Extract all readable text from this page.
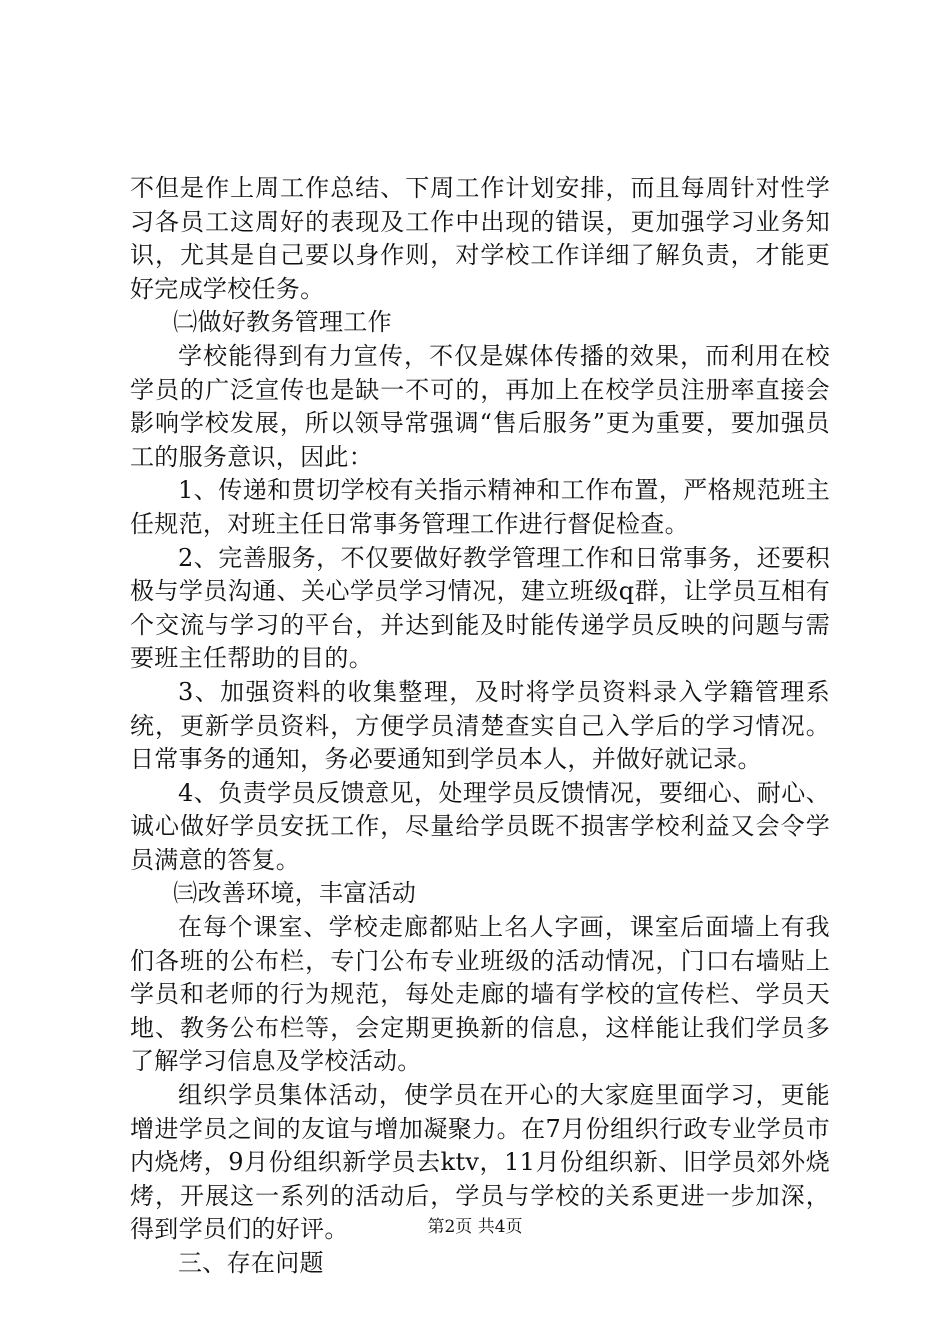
不但是作上周工作总结、下周工作计划安排，而且每周针对性学习各员工这周好的表现及工作中出现的错误，更加强学习业务知识，尤其是自己要以身作则，对学校工作详细了解负责，才能更好完成学校任务。

㈡做好教务管理工作

学校能得到有力宣传，不仅是媒体传播的效果，而利用在校学员的广泛宣传也是缺一不可的，再加上在校学员注册率直接会影响学校发展，所以领导常强调“售后服务”更为重要，要加强员工的服务意识，因此：

1、传递和贯切学校有关指示精神和工作布置，严格规范班主任规范，对班主任日常事务管理工作进行督促检查。

2、完善服务，不仅要做好教学管理工作和日常事务，还要积极与学员沟通、关心学员学习情况，建立班级q群，让学员互相有个交流与学习的平台，并达到能及时能传递学员反映的问题与需要班主任帮助的目的。

3、加强资料的收集整理，及时将学员资料录入学籍管理系统，更新学员资料，方便学员清楚查实自己入学后的学习情况。日常事务的通知，务必要通知到学员本人，并做好就记录。

4、负责学员反馈意见，处理学员反馈情况，要细心、耐心、诚心做好学员安抚工作，尽量给学员既不损害学校利益又会令学员满意的答复。

㈢改善环境，丰富活动

在每个课室、学校走廊都贴上名人字画，课室后面墙上有我们各班的公布栏，专门公布专业班级的活动情况，门口右墙贴上学员和老师的行为规范，每处走廊的墙有学校的宣传栏、学员天地、教务公布栏等，会定期更换新的信息，这样能让我们学员多了解学习信息及学校活动。

组织学员集体活动，使学员在开心的大家庭里面学习，更能增进学员之间的友谊与增加凝聚力。在7月份组织行政专业学员市内烧烤，9月份组织新学员去ktv，11月份组织新、旧学员郊外烧烤，开展这一系列的活动后，学员与学校的关系更进一步加深，得到学员们的好评。

三、存在问题

第2页 共4页
